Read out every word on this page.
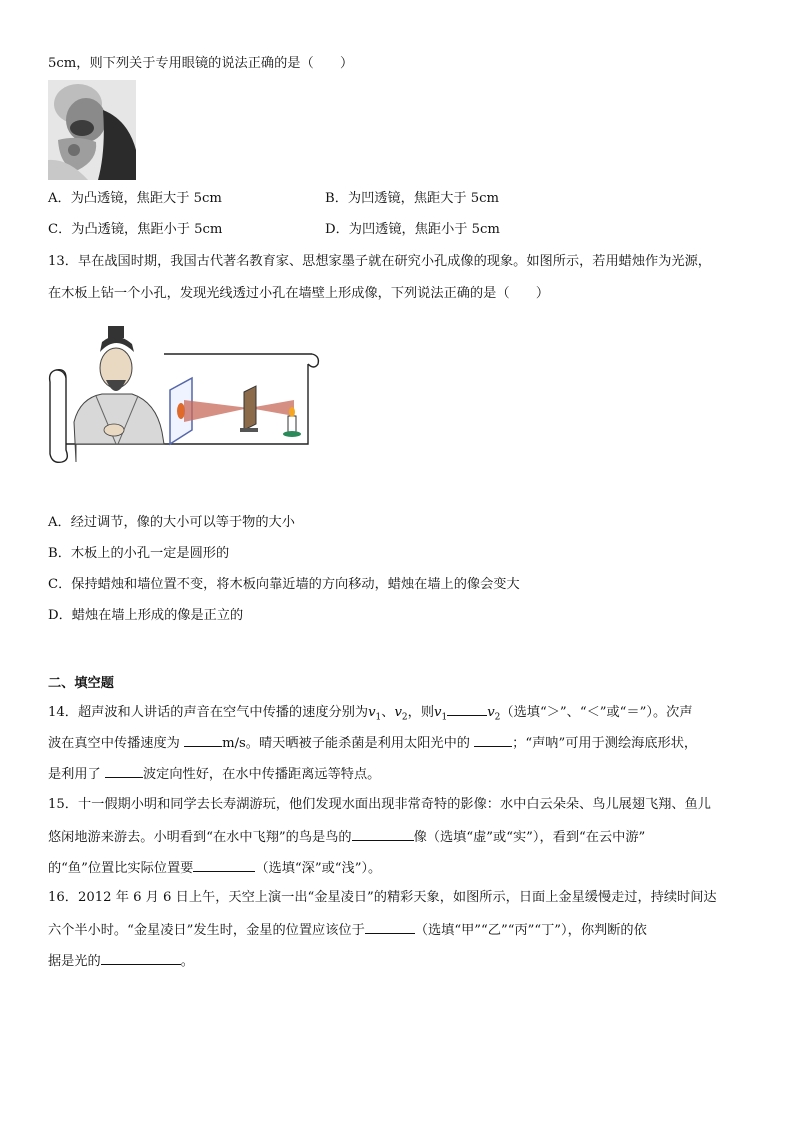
5cm，则下列关于专用眼镜的说法正确的是（　　）
A．为凸透镜，焦距大于 5cm	B．为凹透镜，焦距大于 5cm
C．为凸透镜，焦距小于 5cm	D．为凹透镜，焦距小于 5cm
13．早在战国时期，我国古代著名教育家、思想家墨子就在研究小孔成像的现象。如图所示，若用蜡烛作为光源，
在木板上钻一个小孔，发现光线透过小孔在墙壁上形成像，下列说法正确的是（　　）
A．经过调节，像的大小可以等于物的大小
B．木板上的小孔一定是圆形的
C．保持蜡烛和墙位置不变，将木板向靠近墙的方向移动，蜡烛在墙上的像会变大
D．蜡烛在墙上形成的像是正立的
二、填空题
14．超声波和人讲话的声音在空气中传播的速度分别为$v_1$、$v_2$，则$v_1$	$v_2$（选填“＞”、“＜”或“＝”）。次声
波在真空中传播速度为	m/s。晴天晒被子能杀菌是利用太阳光中的	；“声呐”可用于测绘海底形状，
是利用了	波定向性好，在水中传播距离远等特点。
15．十一假期小明和同学去长寿湖游玩，他们发现水面出现非常奇特的影像：水中白云朵朵、鸟儿展翅飞翔、鱼儿
悠闲地游来游去。小明看到“在水中飞翔”的鸟是鸟的	像（选填“虚”或“实”），看到“在云中游”
的“鱼”位置比实际位置要	（选填“深”或“浅”）。
16．2012 年 6 月 6 日上午，天空上演一出“金星凌日”的精彩天象，如图所示，日面上金星缓慢走过，持续时间达
六个半小时。“金星凌日”发生时，金星的位置应该位于	（选填“甲”“乙”“丙”“丁”），你判断的依
据是光的	。
